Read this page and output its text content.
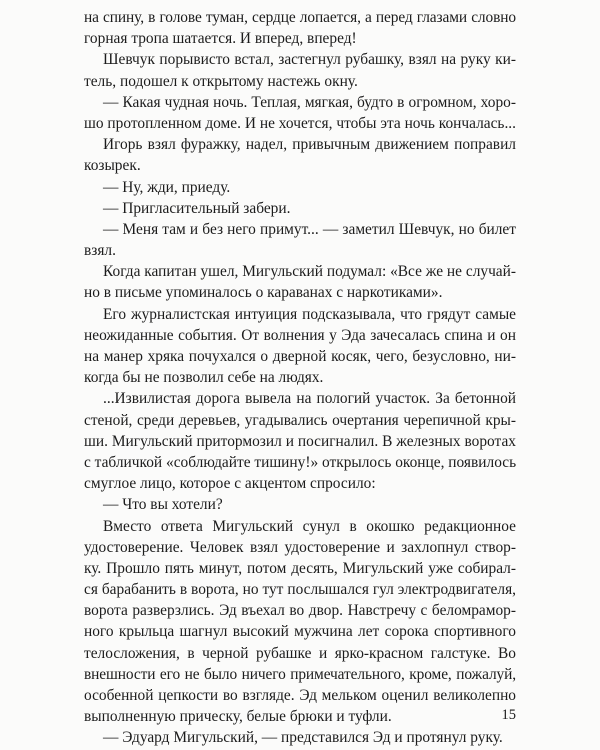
на спину, в голове туман, сердце лопается, а перед глазами словно
горная тропа шатается. И вперед, вперед!
Шевчук порывисто встал, застегнул рубашку, взял на руку ки-
тель, подошел к открытому настежь окну.
— Какая чудная ночь. Теплая, мягкая, будто в огромном, хоро-
шо протопленном доме. И не хочется, чтобы эта ночь кончалась...
Игорь взял фуражку, надел, привычным движением поправил
козырек.
— Ну, жди, приеду.
— Пригласительный забери.
— Меня там и без него примут... — заметил Шевчук, но билет
взял.
Когда капитан ушел, Мигульский подумал: «Все же не случай-
но в письме упоминалось о караванах с наркотиками».
Его журналистская интуиция подсказывала, что грядут самые
неожиданные события. От волнения у Эда зачесалась спина и он
на манер хряка почухался о дверной косяк, чего, безусловно, ни-
когда бы не позволил себе на людях.
...Извилистая дорога вывела на пологий участок. За бетонной
стеной, среди деревьев, угадывались очертания черепичной кры-
ши. Мигульский притормозил и посигналил. В железных воротах
с табличкой «соблюдайте тишину!» открылось оконце, появилось
смуглое лицо, которое с акцентом спросило:
— Что вы хотели?
Вместо ответа Мигульский сунул в окошко редакционное
удостоверение. Человек взял удостоверение и захлопнул створ-
ку. Прошло пять минут, потом десять, Мигульский уже собирал-
ся барабанить в ворота, но тут послышался гул электродвигателя,
ворота разверзлись. Эд въехал во двор. Навстречу с беломрамор-
ного крыльца шагнул высокий мужчина лет сорока спортивного
телосложения, в черной рубашке и ярко-красном галстуке. Во
внешности его не было ничего примечательного, кроме, пожалуй,
особенной цепкости во взгляде. Эд мельком оценил великолепно
выполненную прическу, белые брюки и туфли.
— Эдуард Мигульский, — представился Эд и протянул руку.
15
